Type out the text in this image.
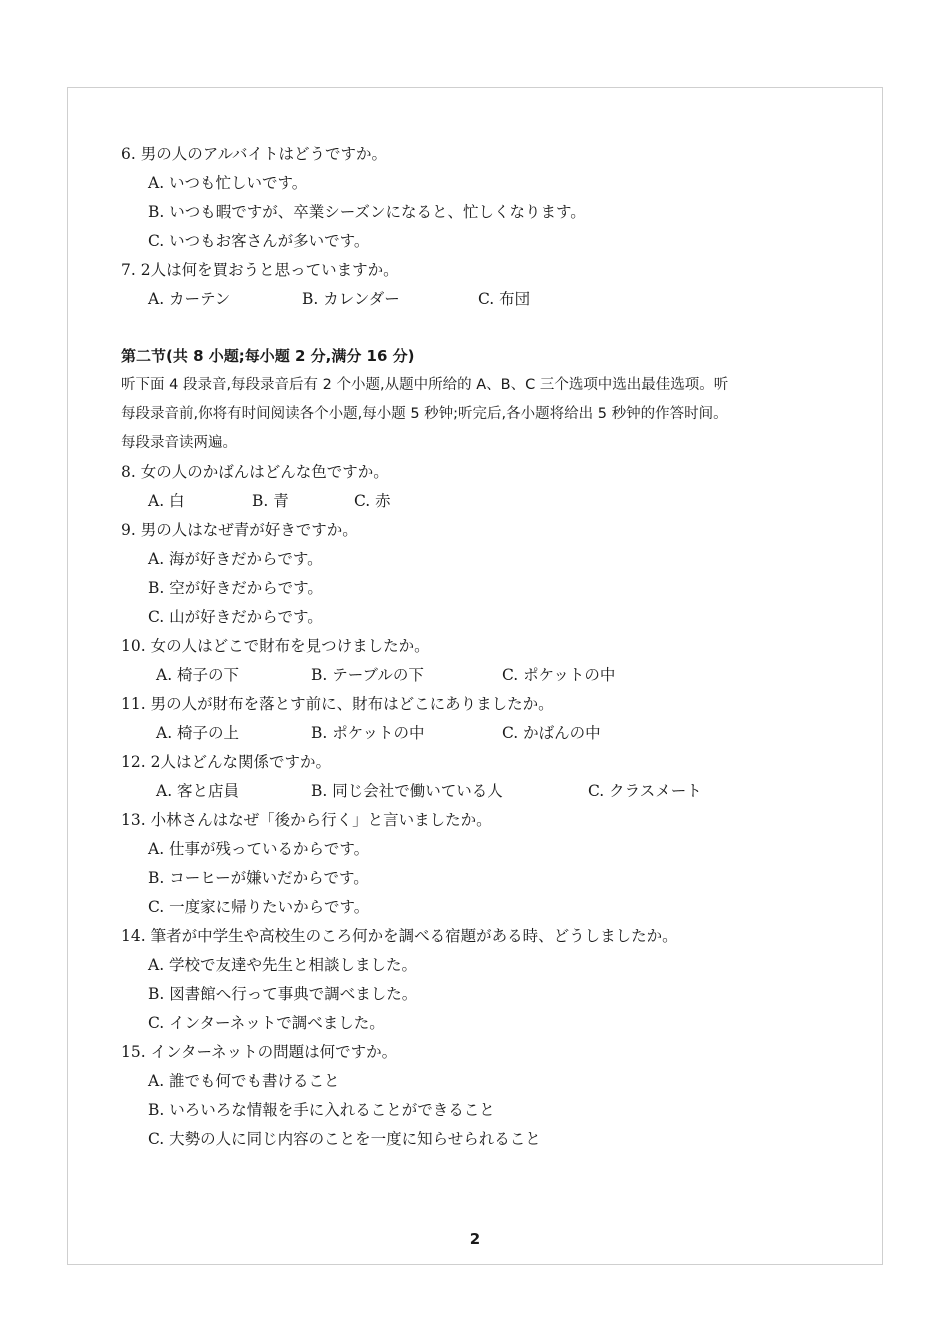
6. 男の人のアルバイトはどうですか。
A. いつも忙しいです。
B. いつも暇ですが、卒業シーズンになると、忙しくなります。
C. いつもお客さんが多いです。
7. 2人は何を買おうと思っていますか。
A. カーテン	B. カレンダー	C. 布団
第二节(共 8 小题;每小题 2 分,满分 16 分)
听下面 4 段录音,每段录音后有 2 个小题,从题中所给的 A、B、C 三个选项中选出最佳选项。听
每段录音前,你将有时间阅读各个小题,每小题 5 秒钟;听完后,各小题将给出 5 秒钟的作答时间。
每段录音读两遍。
8. 女の人のかばんはどんな色ですか。
A. 白	B. 青	C. 赤
9. 男の人はなぜ青が好きですか。
A. 海が好きだからです。
B. 空が好きだからです。
C. 山が好きだからです。
10. 女の人はどこで財布を見つけましたか。
A. 椅子の下	B. テーブルの下	C. ポケットの中
11. 男の人が財布を落とす前に、財布はどこにありましたか。
A. 椅子の上	B. ポケットの中	C. かばんの中
12. 2人はどんな関係ですか。
A. 客と店員	B. 同じ会社で働いている人	C. クラスメート
13. 小林さんはなぜ「後から行く」と言いましたか。
A. 仕事が残っているからです。
B. コーヒーが嫌いだからです。
C. 一度家に帰りたいからです。
14. 筆者が中学生や高校生のころ何かを調べる宿題がある時、どうしましたか。
A. 学校で友達や先生と相談しました。
B. 図書館へ行って事典で調べました。
C. インターネットで調べました。
15. インターネットの問題は何ですか。
A. 誰でも何でも書けること
B. いろいろな情報を手に入れることができること
C. 大勢の人に同じ内容のことを一度に知らせられること
2
